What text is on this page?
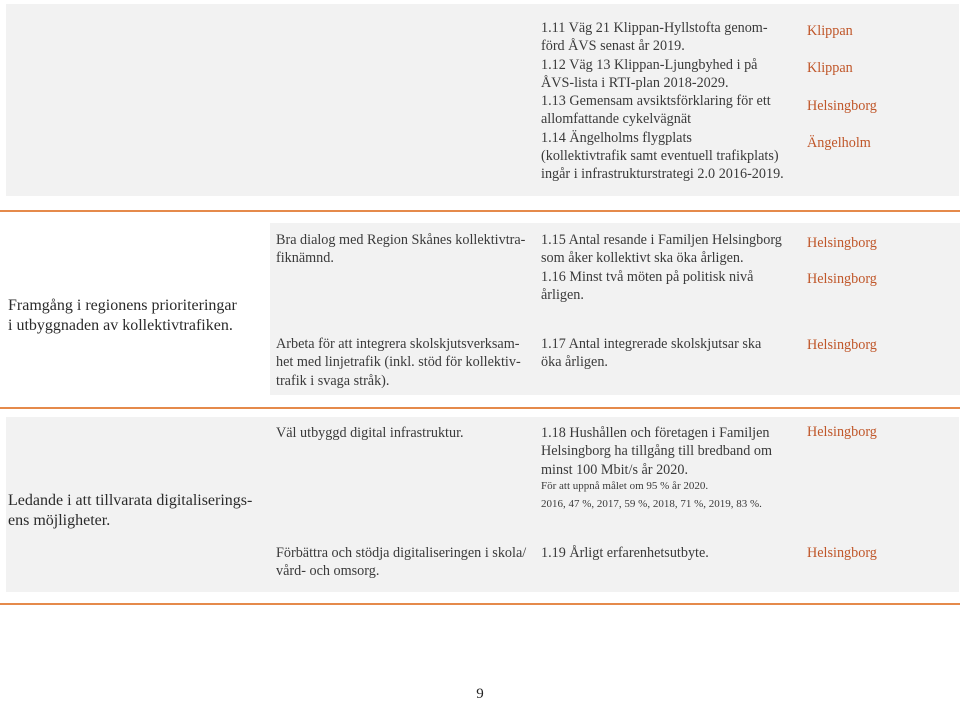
1.11 Väg 21 Klippan-Hyllstofta genom-
förd ÅVS senast år 2019.
1.12 Väg 13 Klippan-Ljungbyhed i på
ÅVS-lista i RTI-plan 2018-2029.
1.13 Gemensam avsiktsförklaring för ett
allomfattande cykelvägnät
1.14 Ängelholms flygplats
(kollektivtrafik samt eventuell trafikplats)
ingår i infrastrukturstrategi 2.0 2016-2019.
Klippan
Klippan
Helsingborg
Ängelholm
Framgång i regionens prioriteringar
i utbyggnaden av kollektivtrafiken.
Bra dialog med Region Skånes kollektivtra-
fiknämnd.
1.15 Antal resande i Familjen Helsingborg
som åker kollektivt ska öka årligen.
1.16 Minst två möten på politisk nivå
årligen.
Helsingborg
Helsingborg
Arbeta för att integrera skolskjutsverksam-
het med linjetrafik (inkl. stöd för kollektiv-
trafik i svaga stråk).
1.17 Antal integrerade skolskjutsar ska
öka årligen.
Helsingborg
Ledande i att tillvarata digitaliserings-
ens möjligheter.
Väl utbyggd digital infrastruktur.	1.18 Hushållen och företagen i Familjen
Helsingborg ha tillgång till bredband om
minst 100 Mbit/s år 2020.
För att uppnå målet om 95 % år 2020.
2016, 47 %, 2017, 59 %, 2018, 71 %, 2019, 83 %.
Helsingborg
Förbättra och stödja digitaliseringen i skola/
vård- och omsorg.
1.19 Årligt erfarenhetsutbyte.	Helsingborg
9
